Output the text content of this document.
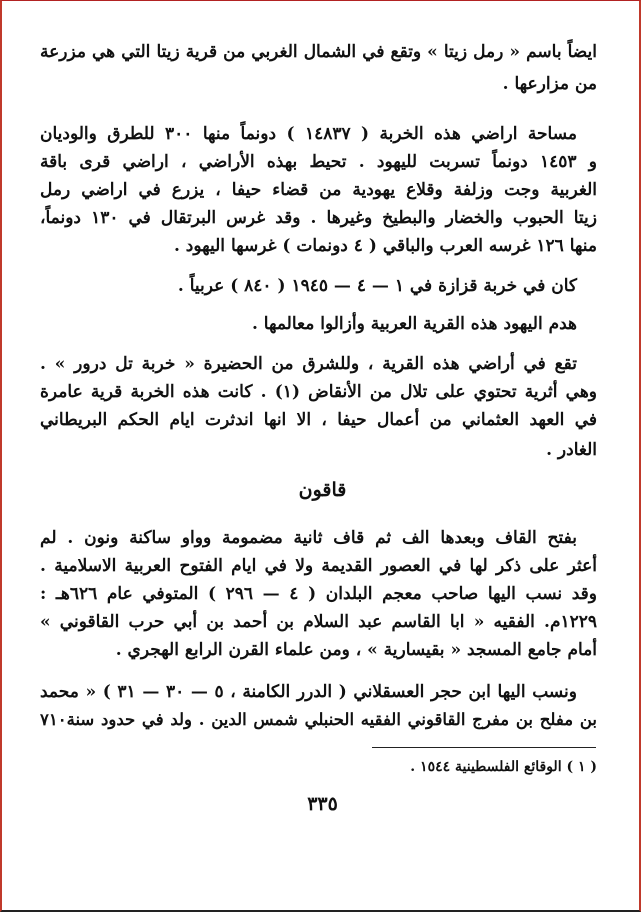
ايضاً باسم « رمل زيتا » وتقع في الشمال الغربي من قرية زيتا التي هي مزرعة
من مزارعها .
مساحة اراضي هذه الخربة ( ١٤٨٣٧ ) دونماً منها ٣٠٠ للطرق والوديان
و ١٤٥٣ دونماً تسربت لليهود . تحيط بهذه الأراضي ، اراضي قرى باقة
الغربية وجت وزلفة وقلاع يهودية من قضاء حيفا ، يزرع في اراضي رمل
زيتا الحبوب والخضار والبطيخ وغيرها . وقد غرس البرتقال في ١٣٠ دونماً،
منها ١٢٦ غرسه العرب والباقي ( ٤ دونمات ) غرسها اليهود .
كان في خربة قزازة في ١ — ٤ — ١٩٤٥ ( ٨٤٠ ) عربياً .
هدم اليهود هذه القرية العربية وأزالوا معالمها .
تقع في أراضي هذه القرية ، وللشرق من الحضيرة « خربة تل درور » .
وهي أثرية تحتوي على تلال من الأنقاض (١) . كانت هذه الخربة قرية عامرة
في العهد العثماني من أعمال حيفا ، الا انها اندثرت ايام الحكم البريطاني
الغادر .
قاقون
بفتح القاف وبعدها الف ثم قاف ثانية مضمومة وواو ساكنة ونون . لم
أعثر على ذكر لها في العصور القديمة ولا في ايام الفتوح العربية الاسلامية .
وقد نسب اليها صاحب معجم البلدان ( ٤ — ٢٩٦ ) المتوفي عام ٦٢٦هـ :
١٢٢٩م. الفقيه « ابا القاسم عبد السلام بن أحمد بن أبي حرب القاقوني »
أمام جامع المسجد « بقيسارية » ، ومن علماء القرن الرابع الهجري .
ونسب اليها ابن حجر العسقلاني ( الدرر الكامنة ، ٥ — ٣٠ — ٣١ ) « محمد
بن مفلح بن مفرج القاقوني الفقيه الحنبلي شمس الدين . ولد في حدود سنة٧١٠
( ١ ) الوقائع الفلسطينية ١٥٤٤ .
٣٣٥
